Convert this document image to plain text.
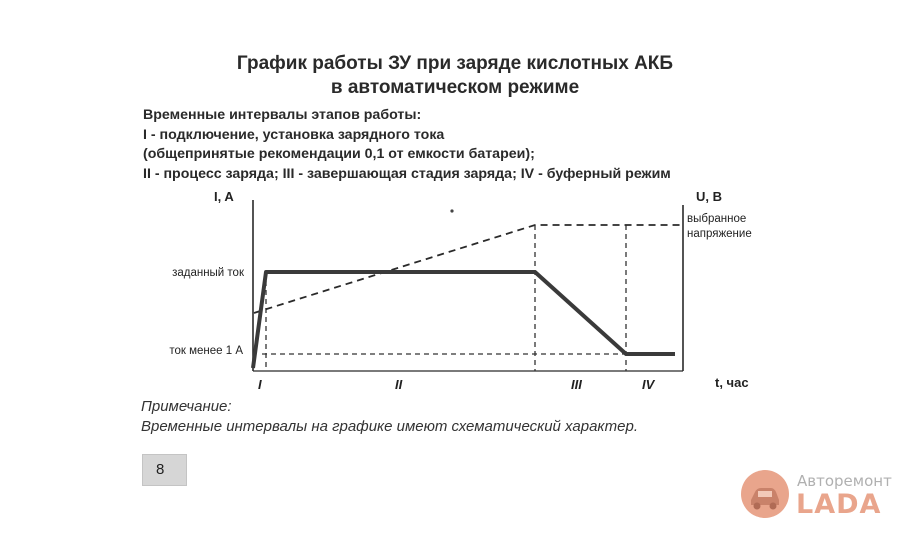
График работы ЗУ при заряде кислотных АКБ
в автоматическом режиме
Временные интервалы этапов работы:
I - подключение, установка зарядного тока
(общепринятые рекомендации 0,1 от емкости батареи);
II - процесс заряда; III - завершающая стадия заряда; IV - буферный режим
I, A	U, B
заданный ток
ток менее 1 А
выбранное
напряжение
I	II	III	IV	t, час
Примечание:
Временные интервалы на графике имеют схематический характер.
8
Авторемонт
LADA
